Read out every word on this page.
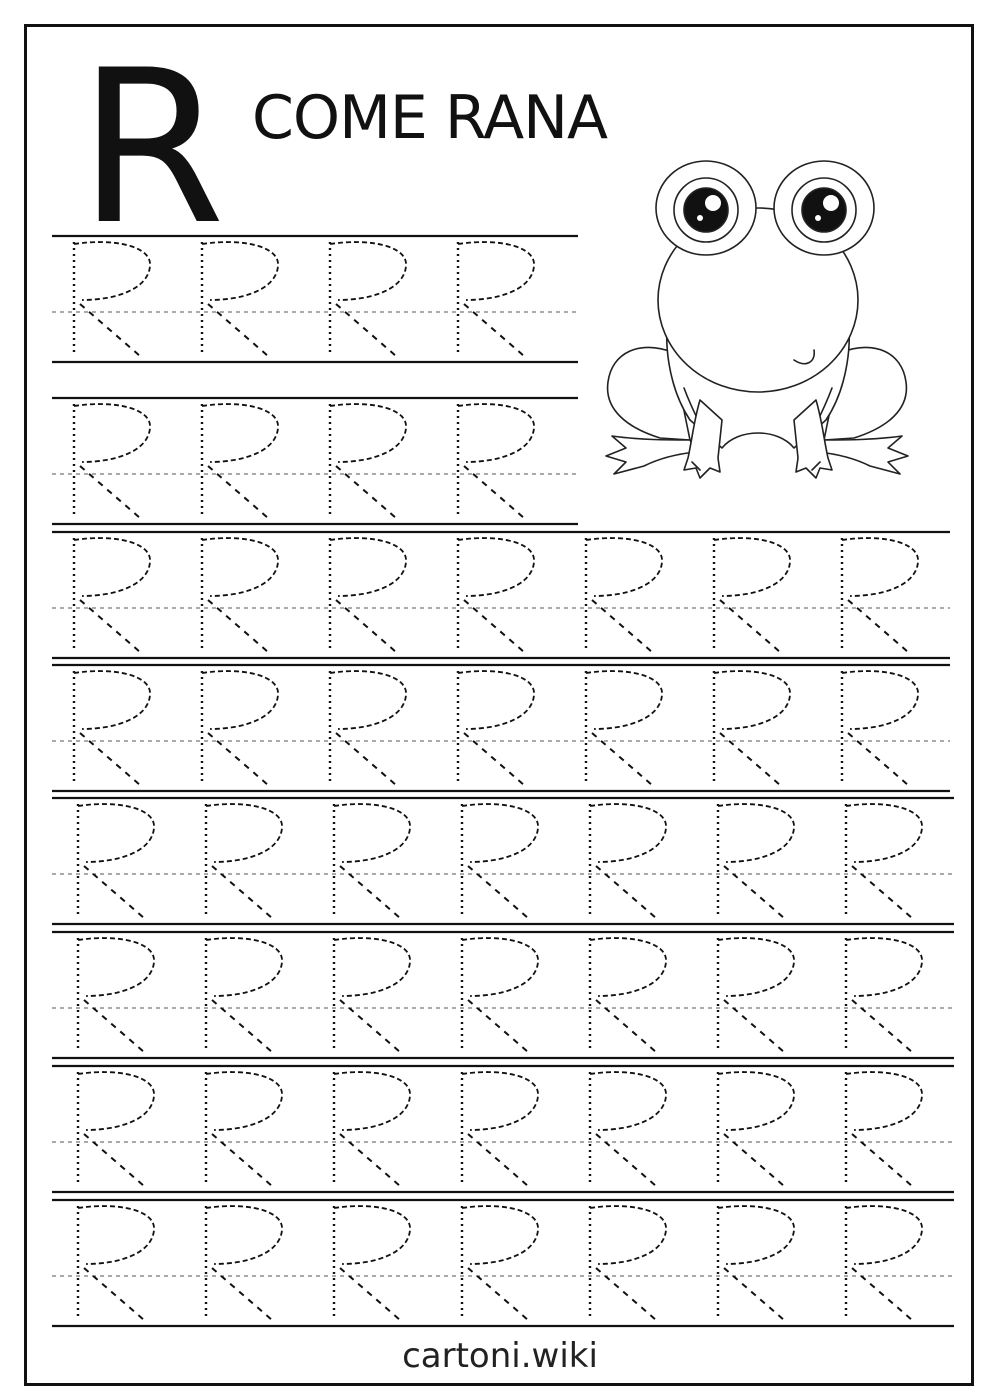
R COME RANA
cartoni.wiki
